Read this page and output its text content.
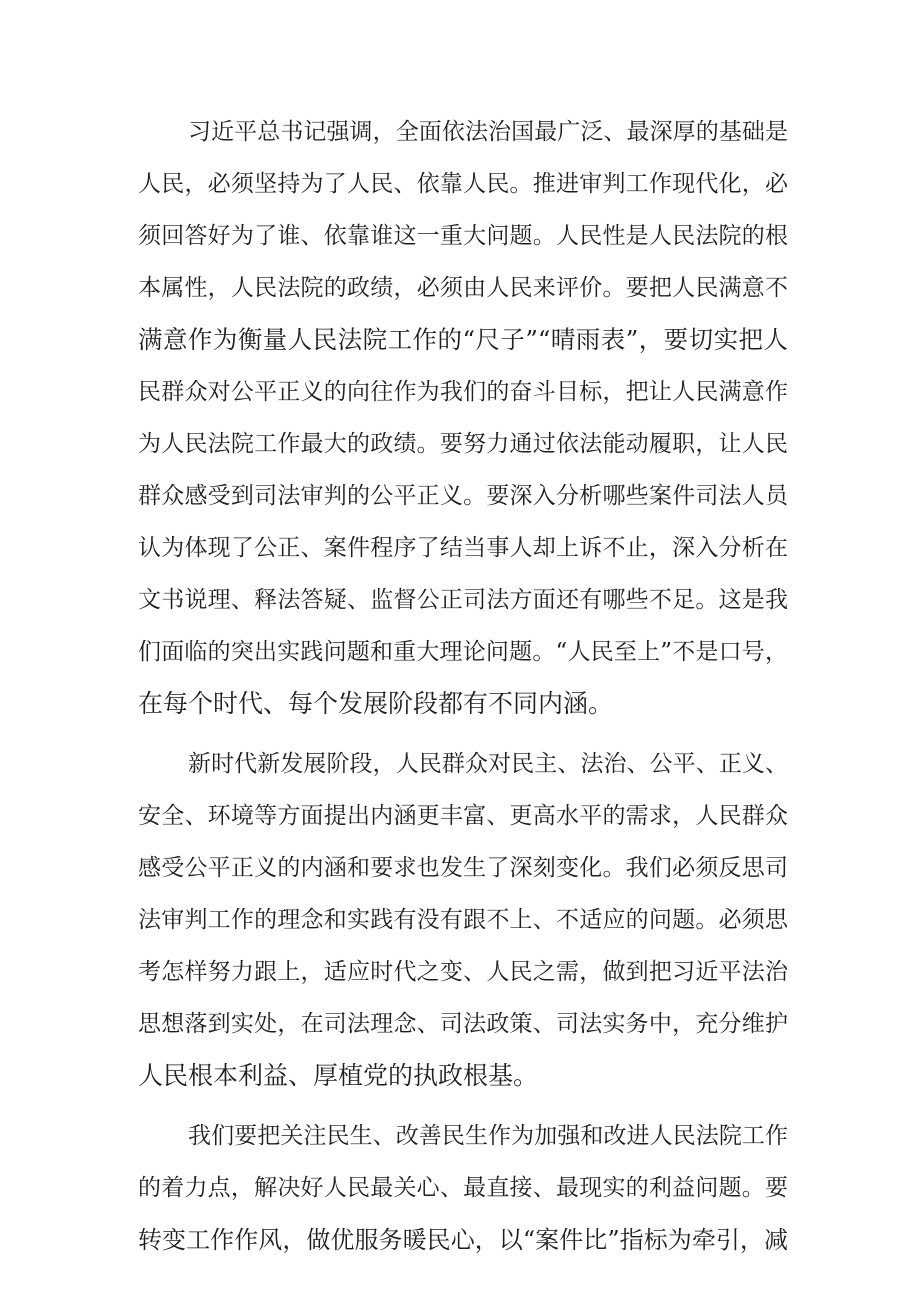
习近平总书记强调，全面依法治国最广泛、最深厚的基础是
人民，必须坚持为了人民、依靠人民。推进审判工作现代化，必
须回答好为了谁、依靠谁这一重大问题。人民性是人民法院的根
本属性，人民法院的政绩，必须由人民来评价。要把人民满意不
满意作为衡量人民法院工作的“尺子”“晴雨表”，要切实把人
民群众对公平正义的向往作为我们的奋斗目标，把让人民满意作
为人民法院工作最大的政绩。要努力通过依法能动履职，让人民
群众感受到司法审判的公平正义。要深入分析哪些案件司法人员
认为体现了公正、案件程序了结当事人却上诉不止，深入分析在
文书说理、释法答疑、监督公正司法方面还有哪些不足。这是我
们面临的突出实践问题和重大理论问题。“人民至上”不是口号，
在每个时代、每个发展阶段都有不同内涵。
新时代新发展阶段，人民群众对民主、法治、公平、正义、
安全、环境等方面提出内涵更丰富、更高水平的需求，人民群众
感受公平正义的内涵和要求也发生了深刻变化。我们必须反思司
法审判工作的理念和实践有没有跟不上、不适应的问题。必须思
考怎样努力跟上，适应时代之变、人民之需，做到把习近平法治
思想落到实处，在司法理念、司法政策、司法实务中，充分维护
人民根本利益、厚植党的执政根基。
我们要把关注民生、改善民生作为加强和改进人民法院工作
的着力点，解决好人民最关心、最直接、最现实的利益问题。要
转变工作作风，做优服务暖民心，以“案件比”指标为牵引，减
